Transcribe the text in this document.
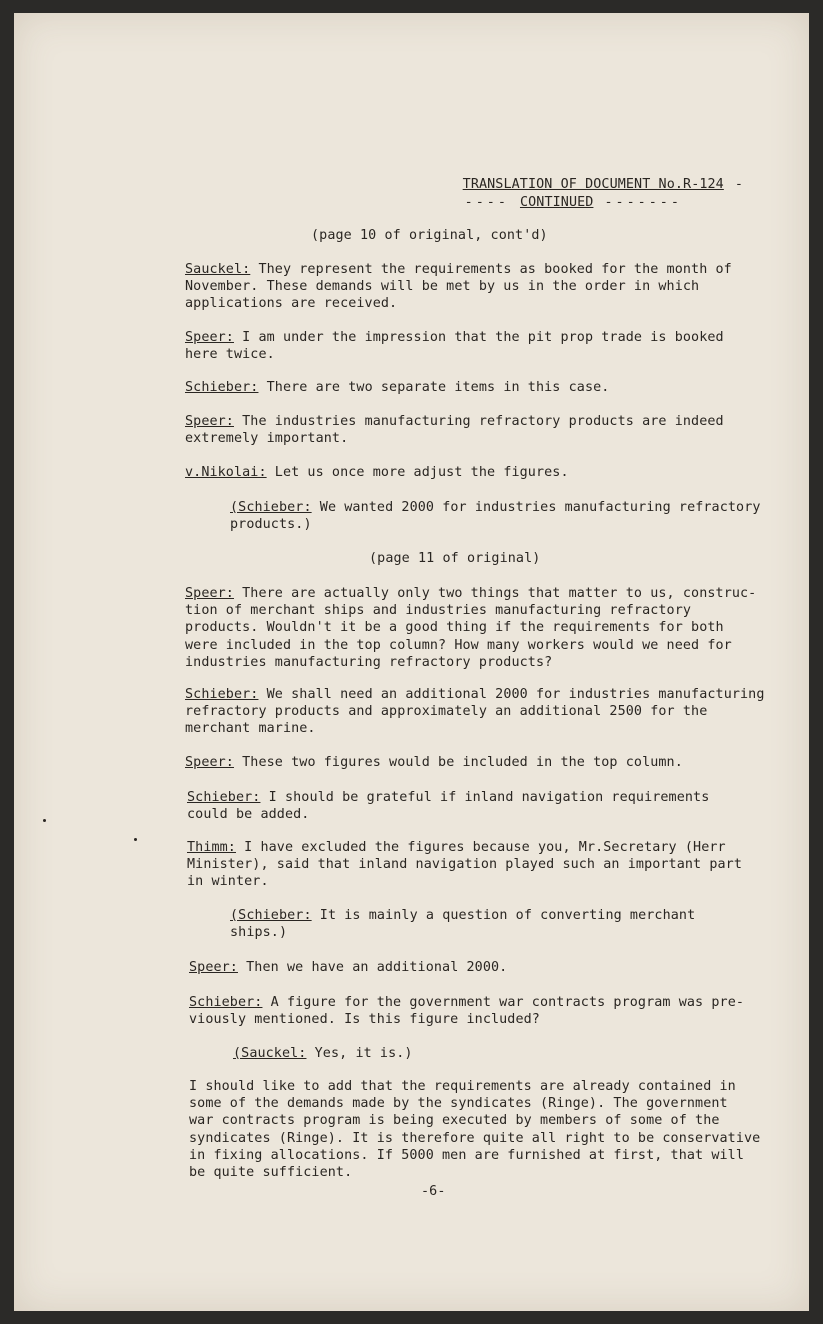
TRANSLATION OF DOCUMENT No.R-124 -

---- CONTINUED -------

(page 10 of original, cont'd)
Sauckel: They represent the requirements as booked for the month of
November. These demands will be met by us in the order in which
applications are received.
Speer: I am under the impression that the pit prop trade is booked
here twice.
Schieber: There are two separate items in this case.
Speer: The industries manufacturing refractory products are indeed
extremely important.
v.Nikolai: Let us once more adjust the figures.
(Schieber: We wanted 2000 for industries manufacturing refractory
products.)
(page 11 of original)
Speer: There are actually only two things that matter to us, construc-
tion of merchant ships and industries manufacturing refractory
products. Wouldn't it be a good thing if the requirements for both
were included in the top column? How many workers would we need for
industries manufacturing refractory products?
Schieber: We shall need an additional 2000 for industries manufacturing
refractory products and approximately an additional 2500 for the
merchant marine.
Speer: These two figures would be included in the top column.
Schieber: I should be grateful if inland navigation requirements
could be added.
Thimm: I have excluded the figures because you, Mr.Secretary (Herr
Minister), said that inland navigation played such an important part
in winter.
(Schieber: It is mainly a question of converting merchant
ships.)
Speer: Then we have an additional 2000.
Schieber: A figure for the government war contracts program was pre-
viously mentioned. Is this figure included?
(Sauckel: Yes, it is.)
I should like to add that the requirements are already contained in
some of the demands made by the syndicates (Ringe). The government
war contracts program is being executed by members of some of the
syndicates (Ringe). It is therefore quite all right to be conservative
in fixing allocations. If 5000 men are furnished at first, that will
be quite sufficient.
-6-
